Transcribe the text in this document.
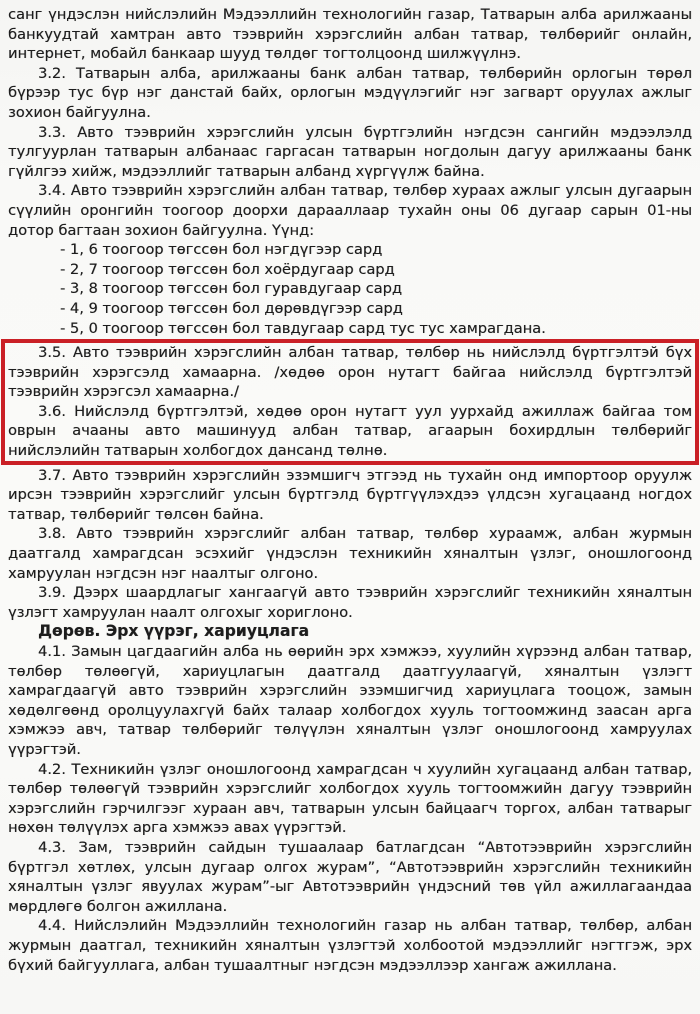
санг үндэслэн нийслэлийн Мэдээллийн технологийн газар, Татварын алба арилжааны банкуудтай хамтран авто тээврийн хэрэгслийн албан татвар, төлбөрийг онлайн, интернет, мобайл банкаар шууд төлдөг тогтолцоонд шилжүүлнэ.

3.2. Татварын алба, арилжааны банк албан татвар, төлбөрийн орлогын төрөл бүрээр тус бүр нэг данстай байх, орлогын мэдүүлэгийг нэг загварт оруулах ажлыг зохион байгуулна.

3.3. Авто тээврийн хэрэгслийн улсын бүртгэлийн нэгдсэн сангийн мэдээлэлд тулгуурлан татварын албанаас гаргасан татварын ногдолын дагуу арилжааны банк гүйлгээ хийж, мэдээллийг татварын албанд хүргүүлж байна.

3.4. Авто тээврийн хэрэгслийн албан татвар, төлбөр хураах ажлыг улсын дугаарын сүүлийн оронгийн тоогоор доорхи дарааллаар тухайн оны 06 дугаар сарын 01-ны дотор багтаан зохион байгуулна. Үүнд:

- 1, 6 тоогоор төгссөн бол нэгдүгээр сард

- 2, 7 тоогоор төгссөн бол хоёрдугаар сард

- 3, 8 тоогоор төгссөн бол гуравдугаар сард

- 4, 9 тоогоор төгссөн бол дөрөвдүгээр сард

- 5, 0 тоогоор төгссөн бол тавдугаар сард тус тус хамрагдана.

3.5. Авто тээврийн хэрэгслийн албан татвар, төлбөр нь нийслэлд бүртгэлтэй бүх тээврийн хэрэгсэлд хамаарна. /хөдөө орон нутагт байгаа нийслэлд бүртгэлтэй тээврийн хэрэгсэл хамаарна./

3.6. Нийслэлд бүртгэлтэй, хөдөө орон нутагт уул уурхайд ажиллаж байгаа том оврын ачааны авто машинууд албан татвар, агаарын бохирдлын төлбөрийг нийслэлийн татварын холбогдох дансанд төлнө.

3.7. Авто тээврийн хэрэгслийн эзэмшигч этгээд нь тухайн онд импортоор оруулж ирсэн тээврийн хэрэгслийг улсын бүртгэлд бүртгүүлэхдээ үлдсэн хугацаанд ногдох татвар, төлбөрийг төлсөн байна.

3.8. Авто тээврийн хэрэгслийг албан татвар, төлбөр хураамж, албан журмын даатгалд хамрагдсан эсэхийг үндэслэн техникийн хяналтын үзлэг, оношлогоонд хамруулан нэгдсэн нэг наалтыг олгоно.

3.9. Дээрх шаардлагыг хангаагүй авто тээврийн хэрэгслийг техникийн хяналтын үзлэгт хамруулан наалт олгохыг хориглоно.

Дөрөв. Эрх үүрэг, хариуцлага

4.1. Замын цагдаагийн алба нь өөрийн эрх хэмжээ, хуулийн хүрээнд албан татвар, төлбөр төлөөгүй, хариуцлагын даатгалд даатгуулаагүй, хяналтын үзлэгт хамрагдаагүй авто тээврийн хэрэгслийн эзэмшигчид хариуцлага тооцож, замын хөдөлгөөнд оролцуулахгүй байх талаар холбогдох хууль тогтоомжинд заасан арга хэмжээ авч, татвар төлбөрийг төлүүлэн хяналтын үзлэг оношлогоонд хамруулах үүрэгтэй.

4.2. Техникийн үзлэг оношлогоонд хамрагдсан ч хуулийн хугацаанд албан татвар, төлбөр төлөөгүй тээврийн хэрэгслийг холбогдох хууль тогтоомжийн дагуу тээврийн хэрэгслийн гэрчилгээг хураан авч, татварын улсын байцаагч торгох, албан татварыг нөхөн төлүүлэх арга хэмжээ авах үүрэгтэй.

4.3. Зам, тээврийн сайдын тушаалаар батлагдсан “Автотээврийн хэрэгслийн бүртгэл хөтлөх, улсын дугаар олгох журам”, “Автотээврийн хэрэгслийн техникийн хяналтын үзлэг явуулах журам”-ыг Автотээврийн үндэсний төв үйл ажиллагаандаа мөрдлөгө болгон ажиллана.

4.4. Нийслэлийн Мэдээллийн технологийн газар нь албан татвар, төлбөр, албан журмын даатгал, техникийн хяналтын үзлэгтэй холбоотой мэдээллийг нэгтгэж, эрх бүхий байгууллага, албан тушаалтныг нэгдсэн мэдээллээр хангаж ажиллана.
